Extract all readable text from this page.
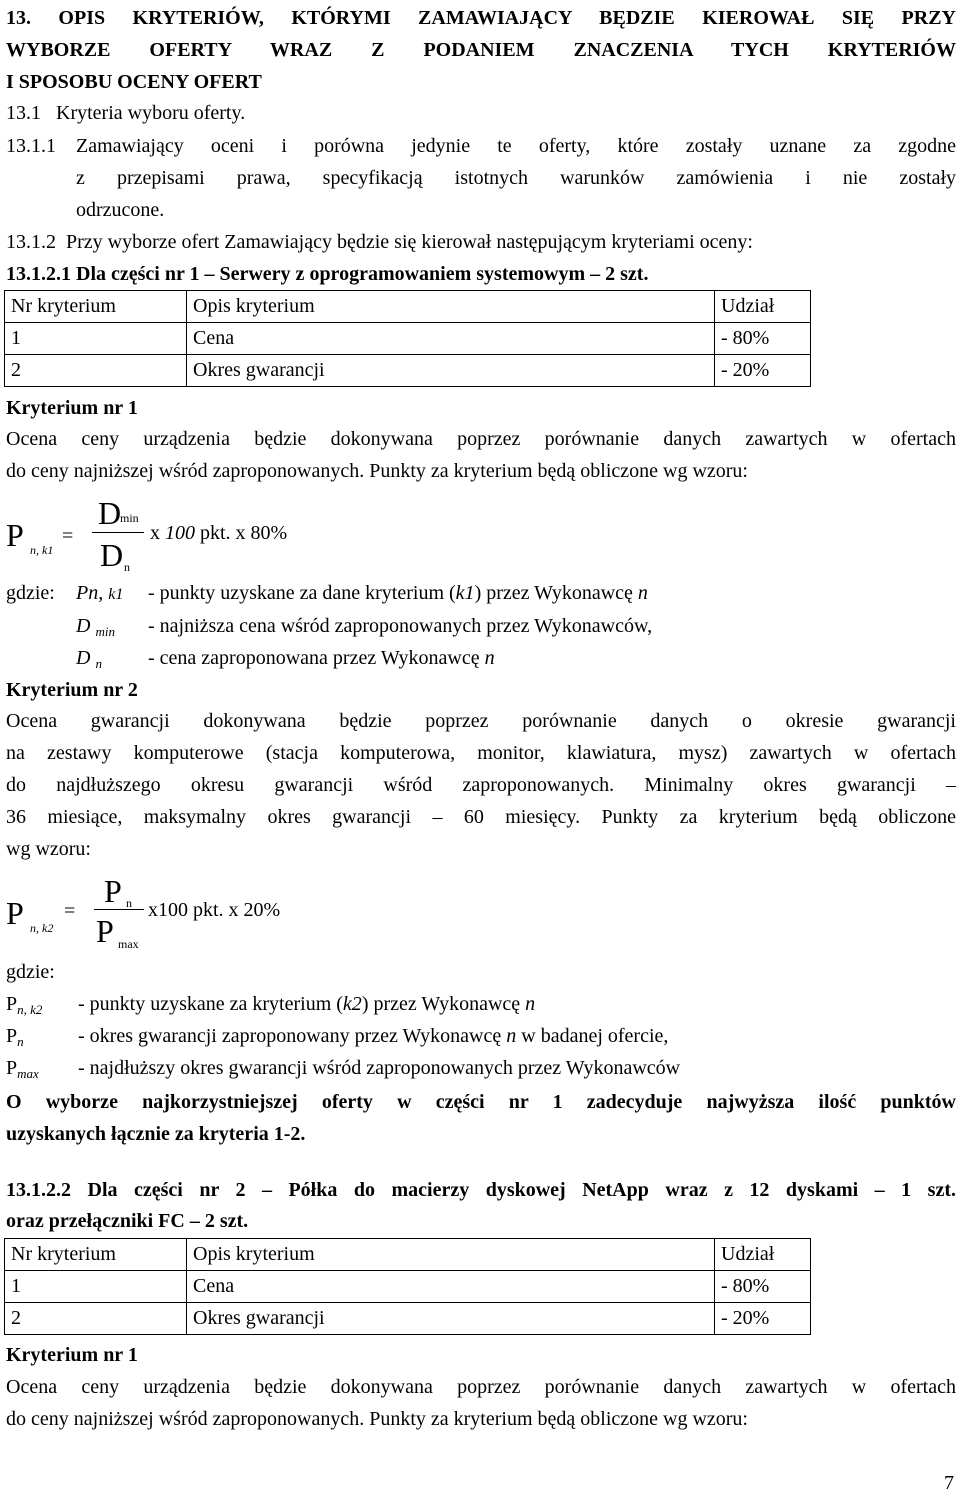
13. OPIS KRYTERIÓW, KTÓRYMI ZAMAWIAJĄCY BĘDZIE KIEROWAŁ SIĘ PRZY
WYBORZE OFERTY WRAZ Z PODANIEM ZNACZENIA TYCH KRYTERIÓW
I SPOSOBU OCENY OFERT
13.1   Kryteria wyboru oferty.
13.1.1 Zamawiający oceni i porówna jedynie te oferty, które zostały uznane za zgodne
z przepisami prawa, specyfikacją istotnych warunków zamówienia i nie zostały
odrzucone.
13.1.2  Przy wyborze ofert Zamawiający będzie się kierował następującym kryteriami oceny:
13.1.2.1 Dla części nr 1 – Serwery z oprogramowaniem systemowym – 2 szt.
Nr kryterium	Opis kryterium	Udział
1	Cena	- 80%
2	Okres gwarancji	- 20%
Kryterium nr 1
Ocena ceny urządzenia będzie dokonywana poprzez porównanie danych zawartych w ofertach
do ceny najniższej wśród zaproponowanych. Punkty za kryterium będą obliczone wg wzoru:
P n, k1
=
D
min
D n
x 100 pkt. x 80%
gdzie: Pn, k1 - punkty uzyskane za dane kryterium (k1) przez Wykonawcę n
D $_{min}$ - najniższa cena wśród zaproponowanych przez Wykonawców,
D $_n$ - cena zaproponowana przez Wykonawcę n
Kryterium nr 2
Ocena gwarancji dokonywana będzie poprzez porównanie danych o okresie gwarancji
na zestawy komputerowe (stacja komputerowa, monitor, klawiatura, mysz) zawartych w ofertach
do najdłuższego okresu gwarancji wśród zaproponowanych. Minimalny okres gwarancji –
36 miesiące, maksymalny okres gwarancji – 60 miesięcy. Punkty za kryterium będą obliczone
wg wzoru:
P n, k2
=
P n
P max
x100 pkt. x 20%
gdzie:
$P_{n, k2}$ - punkty uzyskane za kryterium (k2) przez Wykonawcę n
$P_n$	- okres gwarancji zaproponowany przez Wykonawcę n w badanej ofercie,
$P_{max}$ - najdłuższy okres gwarancji wśród zaproponowanych przez Wykonawców
O wyborze najkorzystniejszej oferty w części nr 1 zadecyduje najwyższa ilość punktów
uzyskanych łącznie za kryteria 1-2.
13.1.2.2 Dla części nr 2 – Półka do macierzy dyskowej NetApp wraz z 12 dyskami – 1 szt.
oraz przełączniki FC – 2 szt.
Nr kryterium	Opis kryterium	Udział
1	Cena	- 80%
2	Okres gwarancji	- 20%
Kryterium nr 1
Ocena ceny urządzenia będzie dokonywana poprzez porównanie danych zawartych w ofertach
do ceny najniższej wśród zaproponowanych. Punkty za kryterium będą obliczone wg wzoru:
7
